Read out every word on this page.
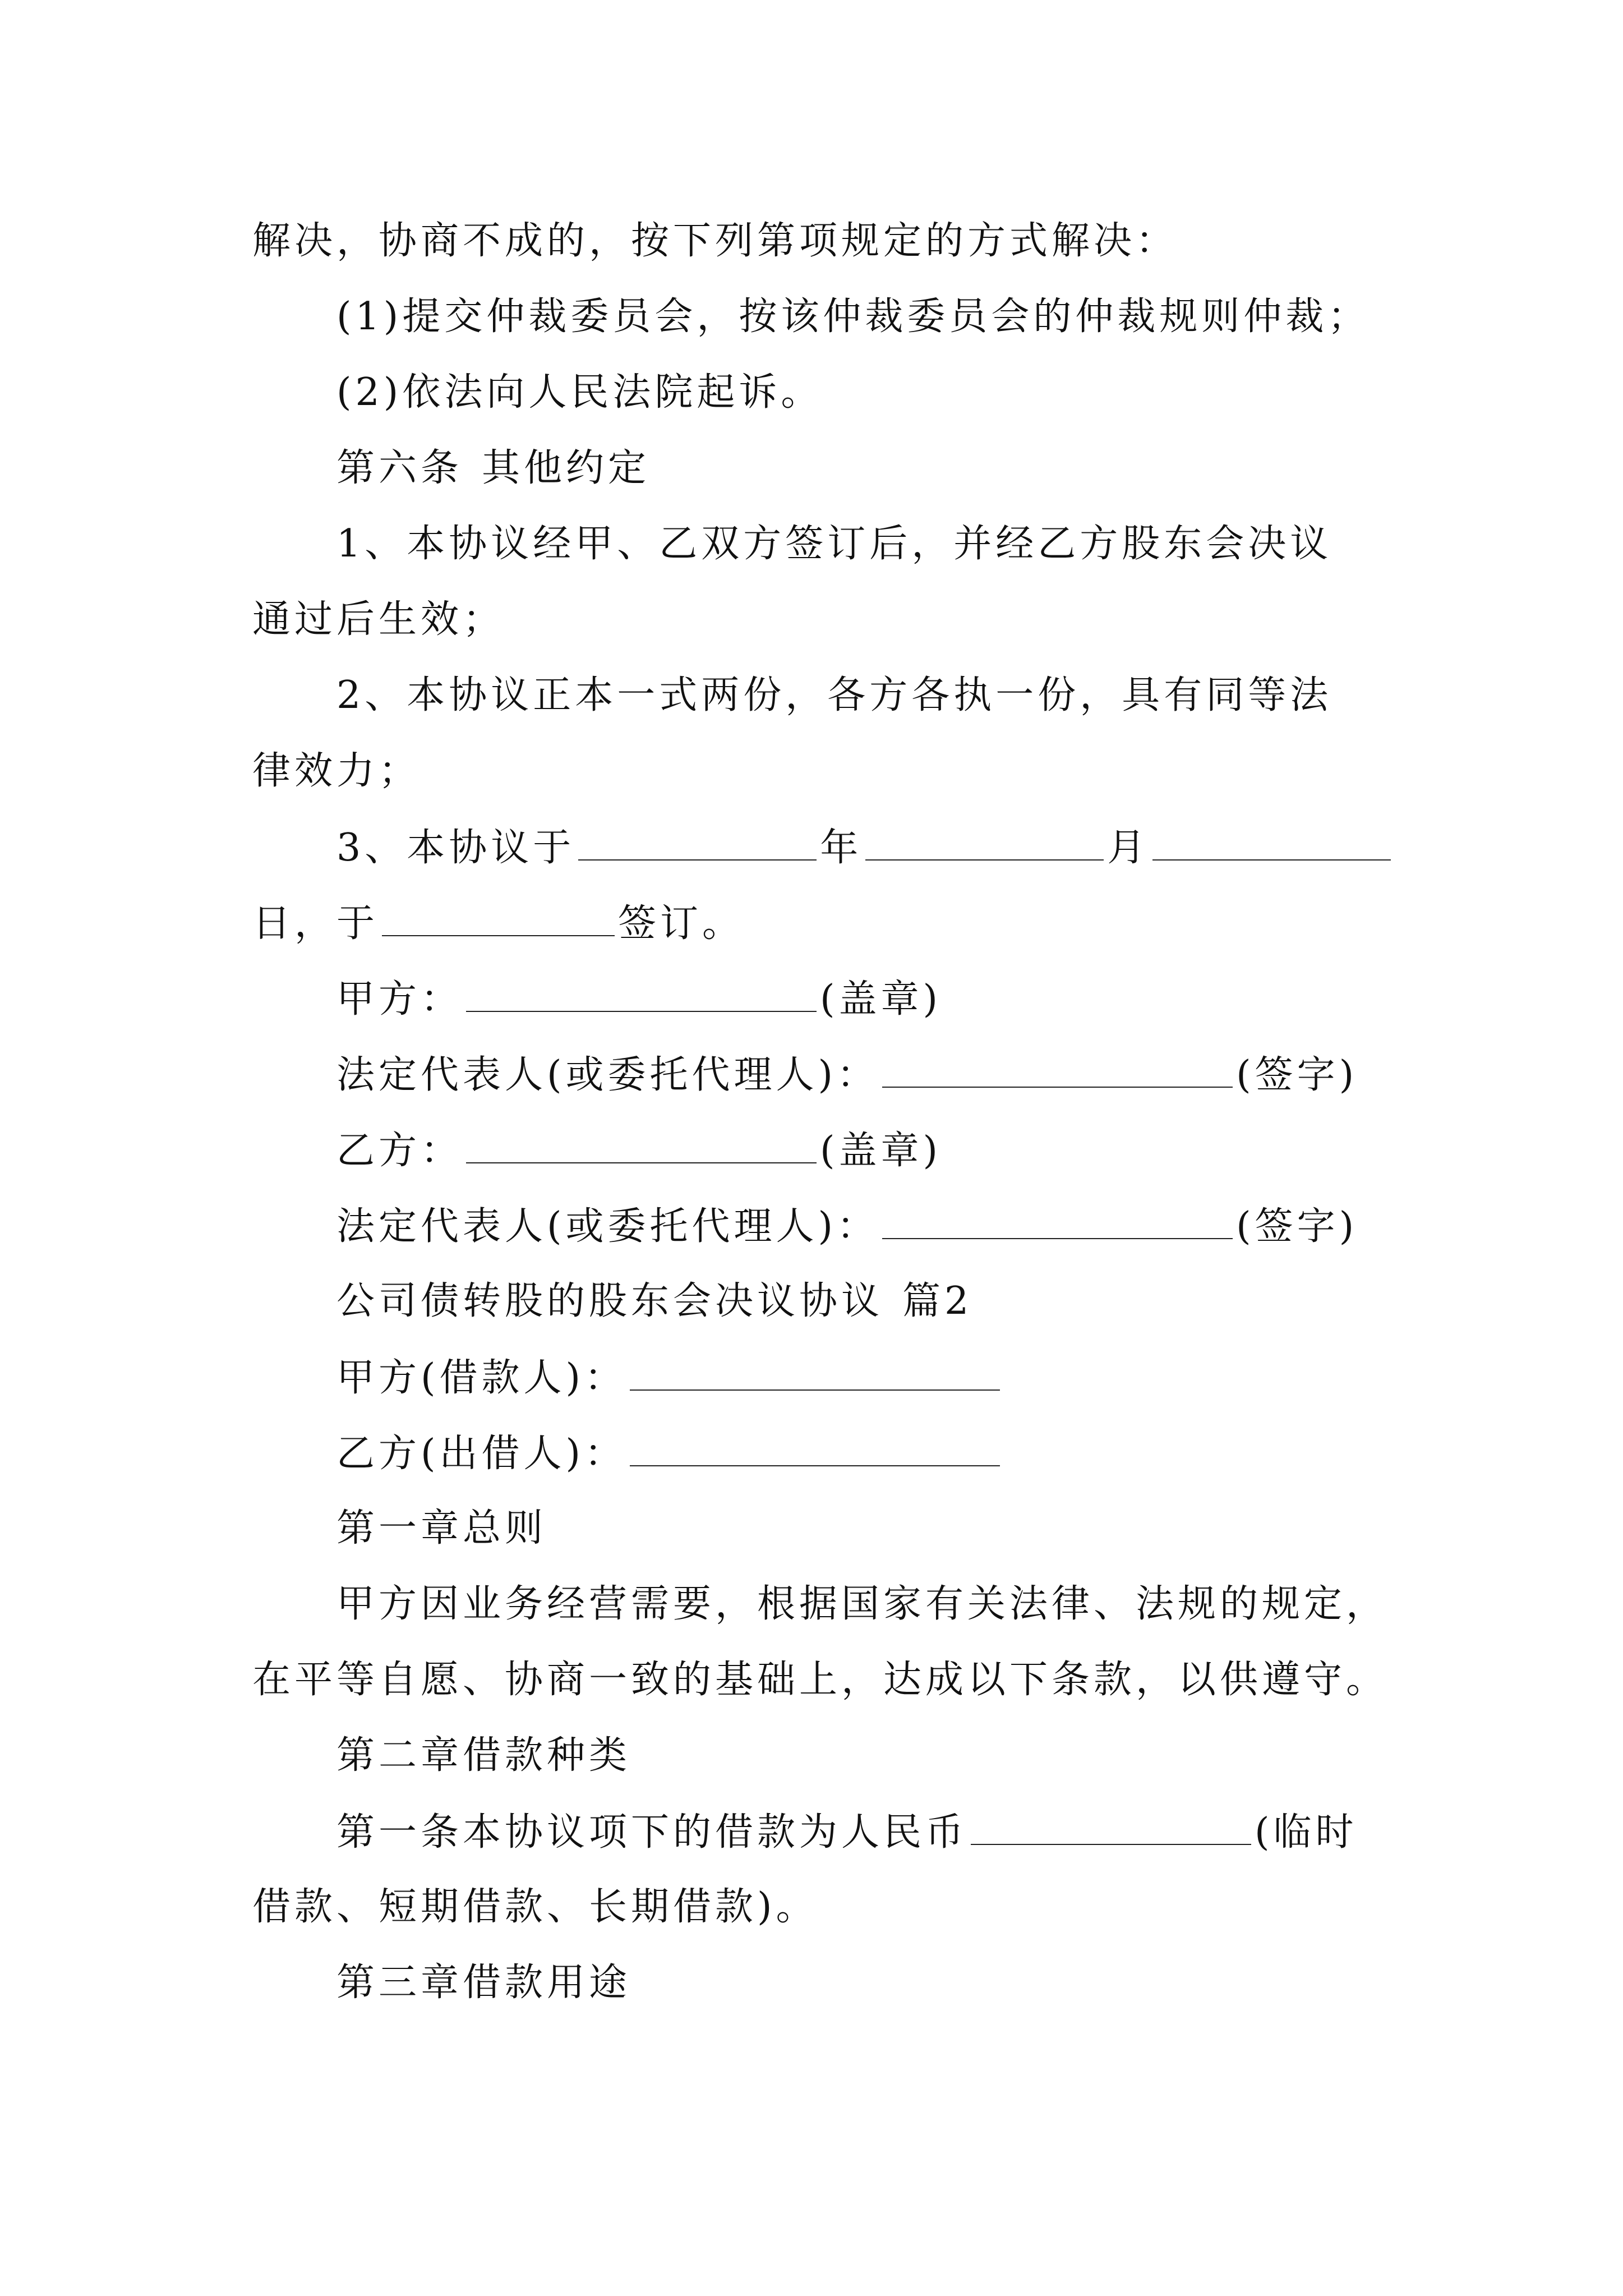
解决，协商不成的，按下列第项规定的方式解决：
(1)提交仲裁委员会，按该仲裁委员会的仲裁规则仲裁；
(2)依法向人民法院起诉。
第六条 其他约定
1、本协议经甲、乙双方签订后，并经乙方股东会决议
通过后生效；
2、本协议正本一式两份，各方各执一份，具有同等法
律效力；
3、本协议于	年	月
日，于	签订。
甲方：	(盖章)
法定代表人(或委托代理人)：	(签字)
乙方：	(盖章)
法定代表人(或委托代理人)：	(签字)
公司债转股的股东会决议协议 篇2
甲方(借款人)：
乙方(出借人)：
第一章总则
甲方因业务经营需要，根据国家有关法律、法规的规定，
在平等自愿、协商一致的基础上，达成以下条款，以供遵守。
第二章借款种类
第一条本协议项下的借款为人民币	(临时
借款、短期借款、长期借款)。
第三章借款用途
